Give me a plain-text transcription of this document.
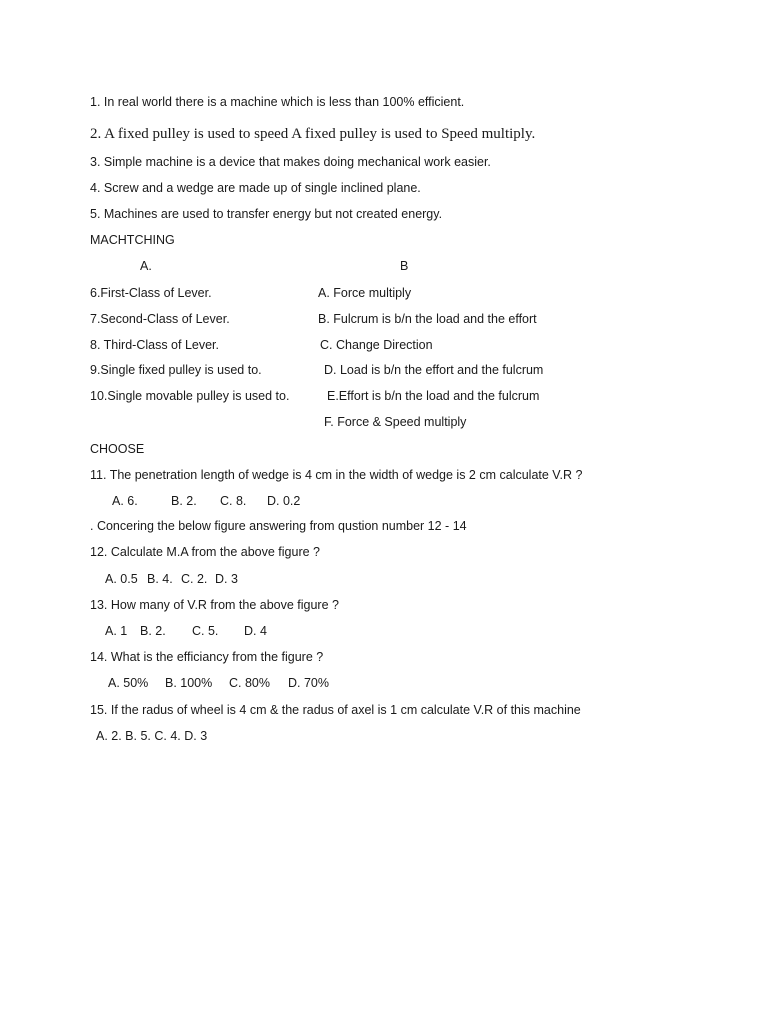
1. In real world there is a machine which is less than 100% efficient.
2. A fixed pulley is used to speed A fixed pulley is used to Speed multiply.
3. Simple machine is a device that makes doing mechanical work easier.
4. Screw and a wedge are made up of single inclined plane.
5. Machines are used to transfer energy but not created energy.
MACHTCHING
A.	B
6.First-Class of Lever.	A. Force multiply
7.Second-Class of Lever.	B. Fulcrum is b/n the load and the effort
8. Third-Class of Lever.	C. Change Direction
9.Single fixed pulley is used to.	D. Load is b/n the effort and the fulcrum
10.Single movable pulley is used to.	E.Effort is b/n the load and the fulcrum
F. Force & Speed multiply
CHOOSE
11. The penetration length of wedge is 4 cm in the width of wedge is 2 cm calculate V.R ?
A. 6.	B. 2. C. 8. D. 0.2
. Concering the below figure answering from qustion number 12 - 14
12. Calculate M.A from the above figure ?
A. 0.5 B. 4. C. 2. D. 3
13. How many of V.R from the above figure ?
A. 1 B. 2. C. 5. D. 4
14. What is the efficiancy from the figure ?
A. 50% B. 100% C. 80% D. 70%
15. If the radus of wheel is 4 cm & the radus of axel is 1 cm calculate V.R of this machine
A. 2. B. 5. C. 4. D. 3
